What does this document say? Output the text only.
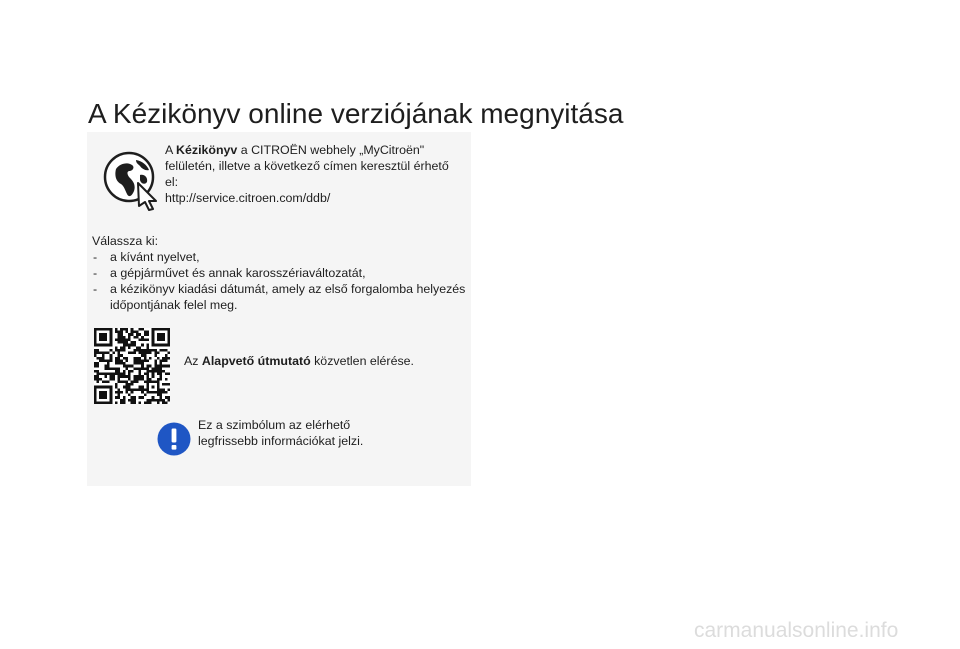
A Kézikönyv online verziójának megnyitása
A Kézikönyv a CITROËN webhely „MyCitroën"
felületén, illetve a következő címen keresztül érhető el:
http://service.citroen.com/ddb/
Válassza ki:
- a kívánt nyelvet,
- a gépjárművet és annak karosszériaváltozatát,
- a kézikönyv kiadási dátumát, amely az első forgalomba helyezés időpontjának felel meg.
Az Alapvető útmutató közvetlen elérése.
Ez a szimbólum az elérhető
legfrissebb információkat jelzi.
carmanualsonline.info
